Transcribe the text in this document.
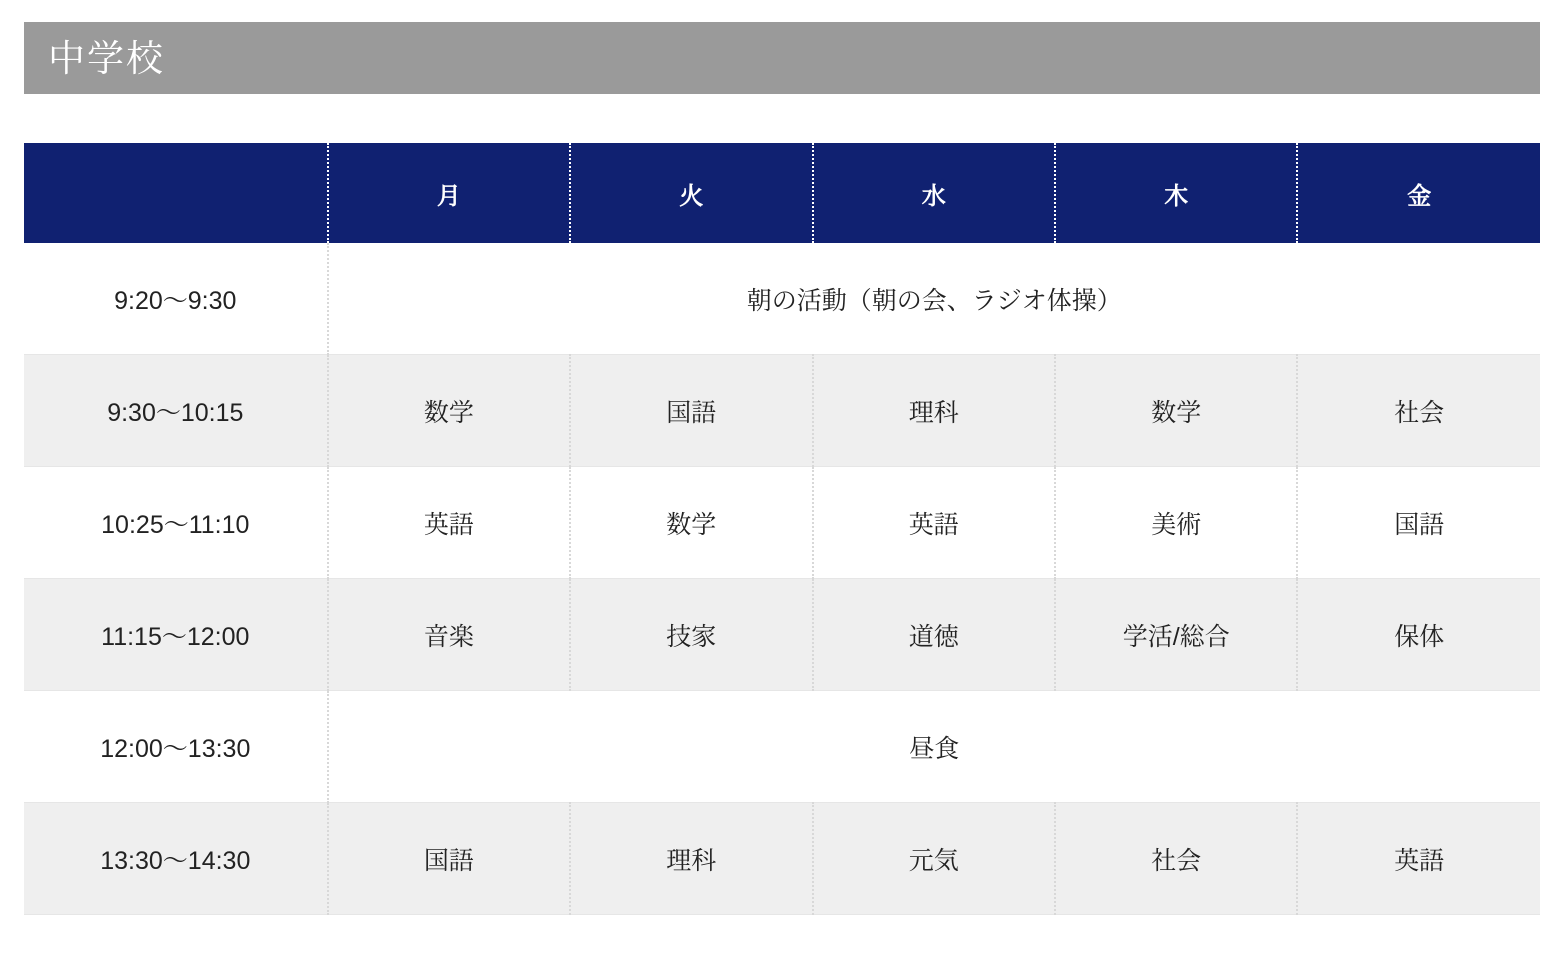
中学校
	月	火	水	木	金
9:20〜9:30	朝の活動（朝の会、ラジオ体操）				
9:30〜10:15	数学	国語	理科	数学	社会
10:25〜11:10	英語	数学	英語	美術	国語
11:15〜12:00	音楽	技家	道徳	学活/総合	保体
12:00〜13:30	昼食				
13:30〜14:30	国語	理科	元気	社会	英語
